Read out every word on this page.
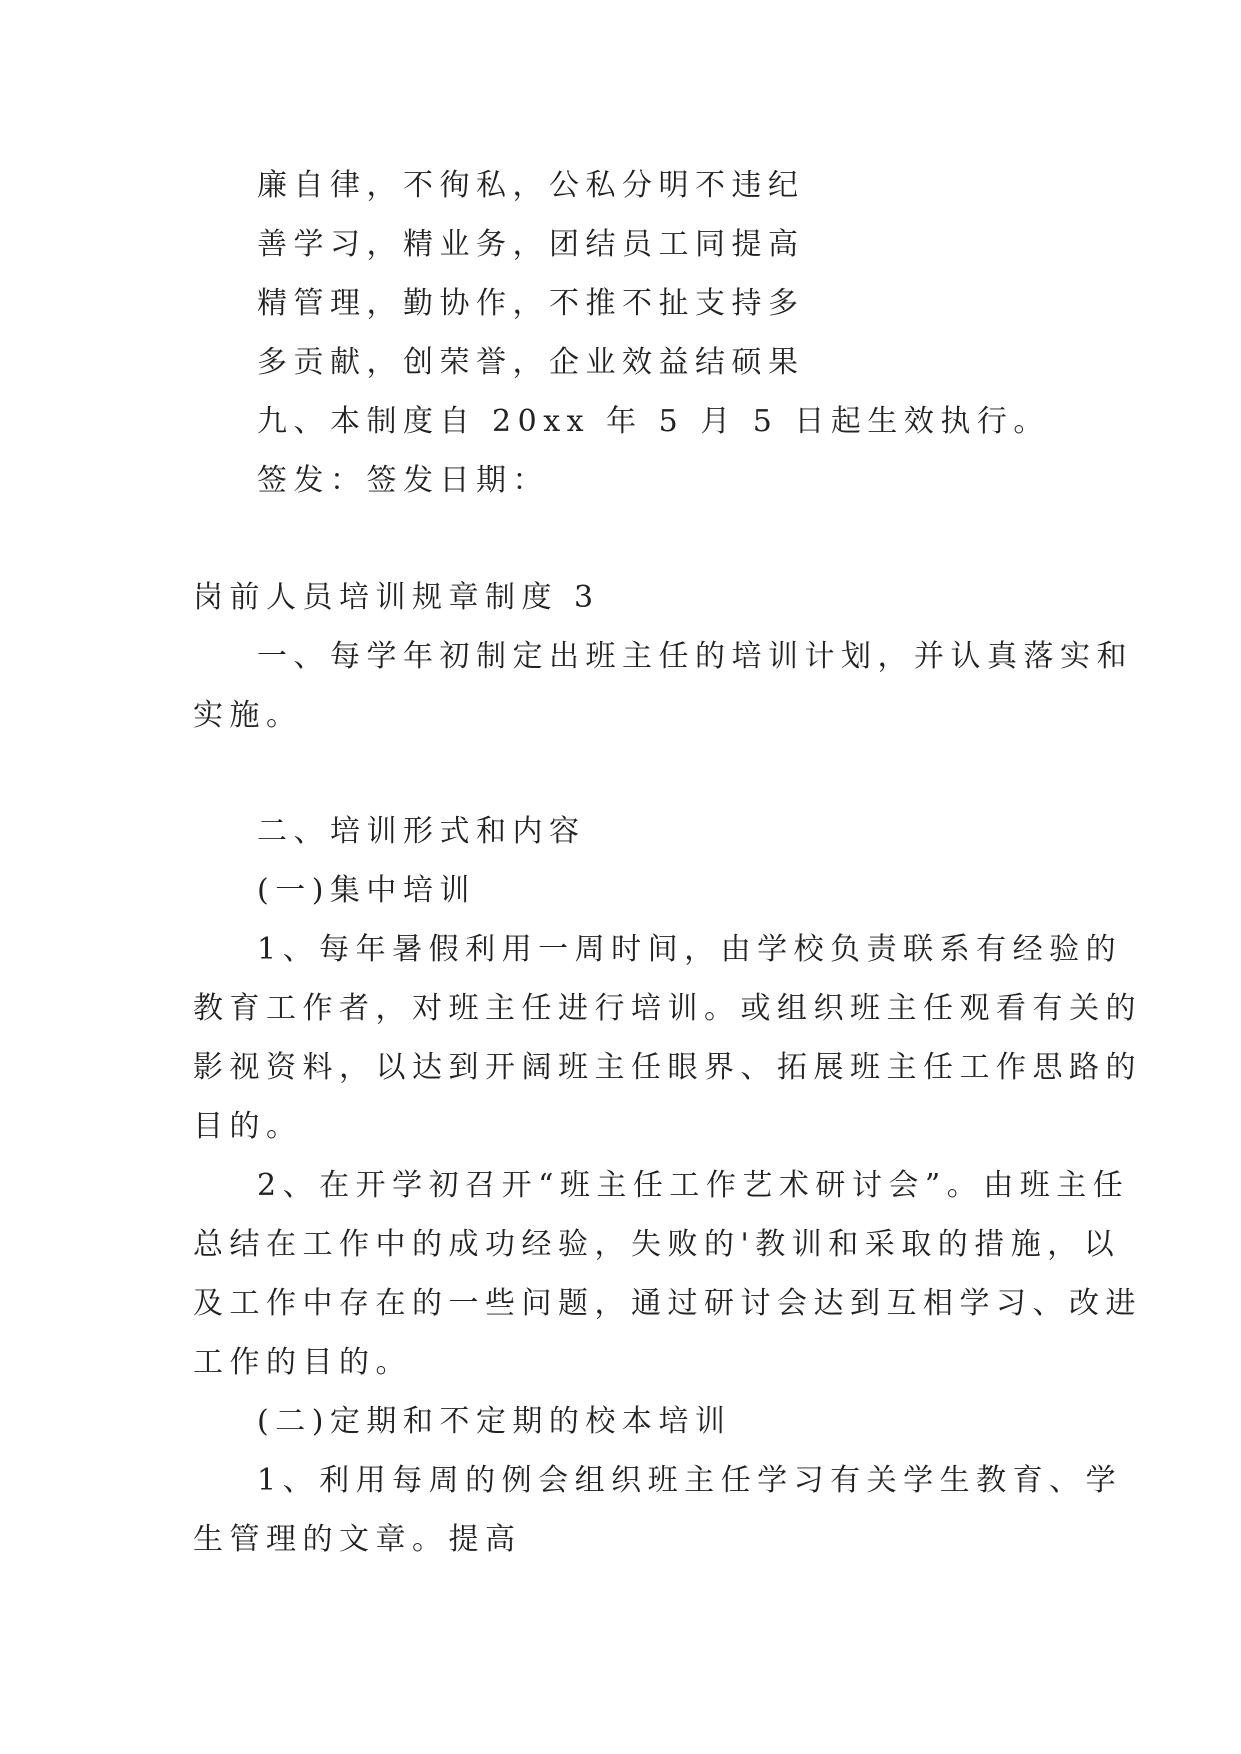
廉自律，不徇私，公私分明不违纪
善学习，精业务，团结员工同提高
精管理，勤协作，不推不扯支持多
多贡献，创荣誉，企业效益结硕果
九、本制度自 20xx 年 5 月 5 日起生效执行。
签发：签发日期：
岗前人员培训规章制度 3
一、每学年初制定出班主任的培训计划，并认真落实和
实施。
二、培训形式和内容
(一)集中培训
1、每年暑假利用一周时间，由学校负责联系有经验的
教育工作者，对班主任进行培训。或组织班主任观看有关的
影视资料，以达到开阔班主任眼界、拓展班主任工作思路的
目的。
2、在开学初召开“班主任工作艺术研讨会”。由班主任
总结在工作中的成功经验，失败的'教训和采取的措施，以
及工作中存在的一些问题，通过研讨会达到互相学习、改进
工作的目的。
(二)定期和不定期的校本培训
1、利用每周的例会组织班主任学习有关学生教育、学
生管理的文章。提高
